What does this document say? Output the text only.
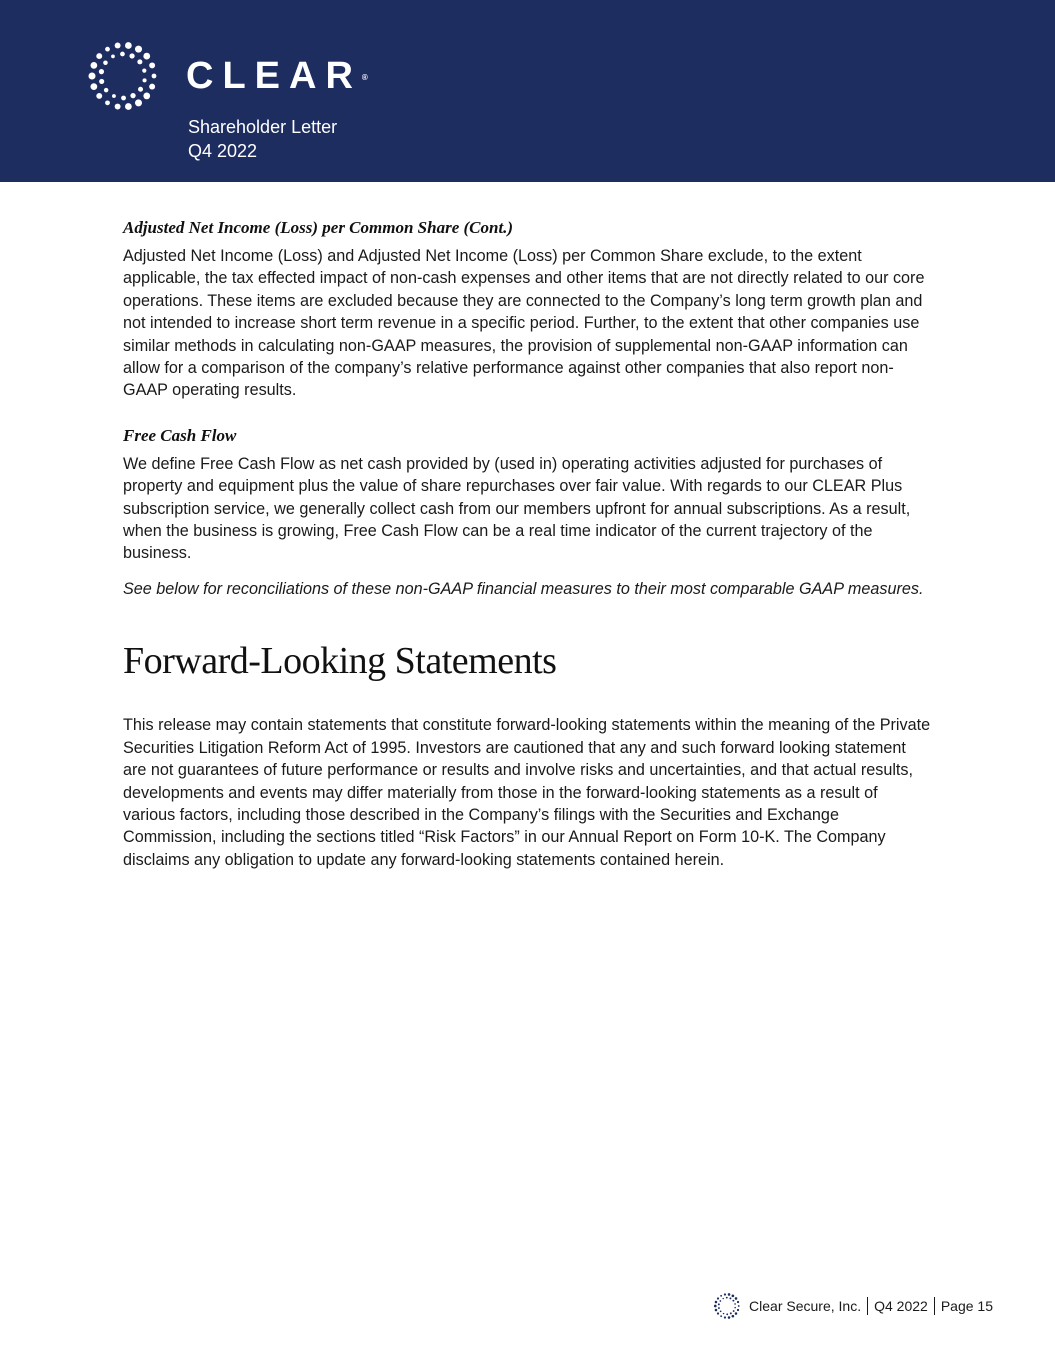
CLEAR®
Shareholder Letter
Q4 2022
Adjusted Net Income (Loss) per Common Share (Cont.)

Adjusted Net Income (Loss) and Adjusted Net Income (Loss) per Common Share exclude, to the extent applicable, the tax effected impact of non-cash expenses and other items that are not directly related to our core operations. These items are excluded because they are connected to the Company’s long term growth plan and not intended to increase short term revenue in a specific period. Further, to the extent that other companies use similar methods in calculating non-GAAP measures, the provision of supplemental non-GAAP information can allow for a comparison of the company’s relative performance against other companies that also report non-GAAP operating results.

Free Cash Flow

We define Free Cash Flow as net cash provided by (used in) operating activities adjusted for purchases of property and equipment plus the value of share repurchases over fair value. With regards to our CLEAR Plus subscription service, we generally collect cash from our members upfront for annual subscriptions. As a result, when the business is growing, Free Cash Flow can be a real time indicator of the current trajectory of the business.

See below for reconciliations of these non-GAAP financial measures to their most comparable GAAP measures.

Forward-Looking Statements

This release may contain statements that constitute forward-looking statements within the meaning of the Private Securities Litigation Reform Act of 1995. Investors are cautioned that any and such forward looking statement are not guarantees of future performance or results and involve risks and uncertainties, and that actual results, developments and events may differ materially from those in the forward-looking statements as a result of various factors, including those described in the Company’s filings with the Securities and Exchange Commission, including the sections titled “Risk Factors” in our Annual Report on Form 10-K. The Company disclaims any obligation to update any forward-looking statements contained herein.

Clear Secure, Inc. Q4 2022 Page 15
